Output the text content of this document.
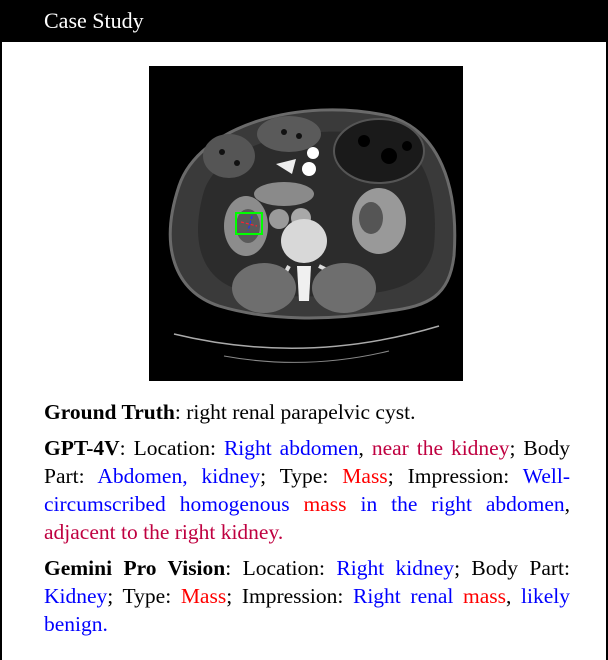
Case Study

Ground Truth: right renal parapelvic cyst.

GPT-4V: Location: Right abdomen, near the kidney; Body Part: Abdomen, kidney; Type: Mass; Impression: Well-circumscribed homogenous mass in the right abdomen, adjacent to the right kidney.

Gemini Pro Vision: Location: Right kidney; Body Part: Kidney; Type: Mass; Impression: Right renal mass, likely benign.
